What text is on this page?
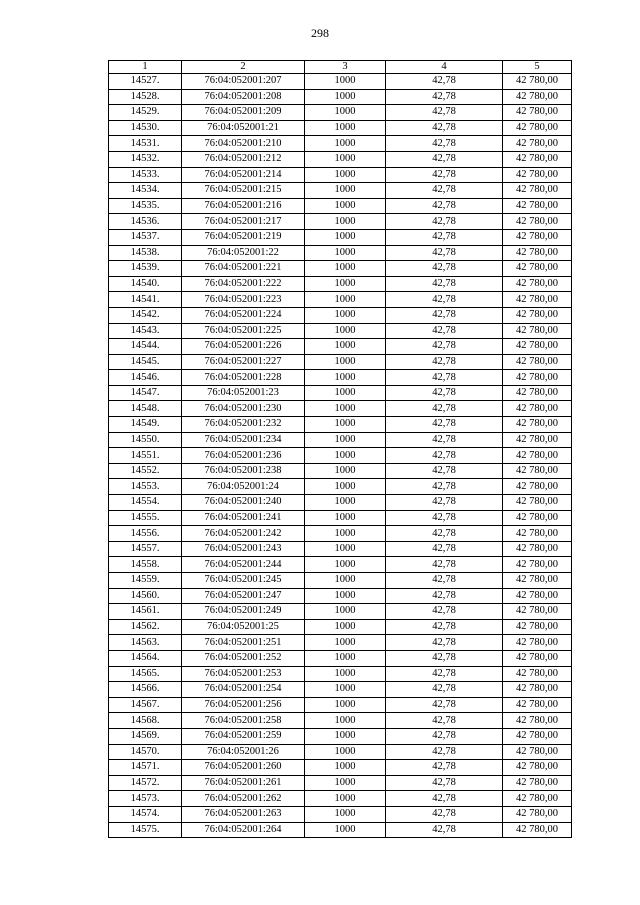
298
1	2	3	4	5
14527.	76:04:052001:207	1000	42,78	42 780,00
14528.	76:04:052001:208	1000	42,78	42 780,00
14529.	76:04:052001:209	1000	42,78	42 780,00
14530.	76:04:052001:21	1000	42,78	42 780,00
14531.	76:04:052001:210	1000	42,78	42 780,00
14532.	76:04:052001:212	1000	42,78	42 780,00
14533.	76:04:052001:214	1000	42,78	42 780,00
14534.	76:04:052001:215	1000	42,78	42 780,00
14535.	76:04:052001:216	1000	42,78	42 780,00
14536.	76:04:052001:217	1000	42,78	42 780,00
14537.	76:04:052001:219	1000	42,78	42 780,00
14538.	76:04:052001:22	1000	42,78	42 780,00
14539.	76:04:052001:221	1000	42,78	42 780,00
14540.	76:04:052001:222	1000	42,78	42 780,00
14541.	76:04:052001:223	1000	42,78	42 780,00
14542.	76:04:052001:224	1000	42,78	42 780,00
14543.	76:04:052001:225	1000	42,78	42 780,00
14544.	76:04:052001:226	1000	42,78	42 780,00
14545.	76:04:052001:227	1000	42,78	42 780,00
14546.	76:04:052001:228	1000	42,78	42 780,00
14547.	76:04:052001:23	1000	42,78	42 780,00
14548.	76:04:052001:230	1000	42,78	42 780,00
14549.	76:04:052001:232	1000	42,78	42 780,00
14550.	76:04:052001:234	1000	42,78	42 780,00
14551.	76:04:052001:236	1000	42,78	42 780,00
14552.	76:04:052001:238	1000	42,78	42 780,00
14553.	76:04:052001:24	1000	42,78	42 780,00
14554.	76:04:052001:240	1000	42,78	42 780,00
14555.	76:04:052001:241	1000	42,78	42 780,00
14556.	76:04:052001:242	1000	42,78	42 780,00
14557.	76:04:052001:243	1000	42,78	42 780,00
14558.	76:04:052001:244	1000	42,78	42 780,00
14559.	76:04:052001:245	1000	42,78	42 780,00
14560.	76:04:052001:247	1000	42,78	42 780,00
14561.	76:04:052001:249	1000	42,78	42 780,00
14562.	76:04:052001:25	1000	42,78	42 780,00
14563.	76:04:052001:251	1000	42,78	42 780,00
14564.	76:04:052001:252	1000	42,78	42 780,00
14565.	76:04:052001:253	1000	42,78	42 780,00
14566.	76:04:052001:254	1000	42,78	42 780,00
14567.	76:04:052001:256	1000	42,78	42 780,00
14568.	76:04:052001:258	1000	42,78	42 780,00
14569.	76:04:052001:259	1000	42,78	42 780,00
14570.	76:04:052001:26	1000	42,78	42 780,00
14571.	76:04:052001:260	1000	42,78	42 780,00
14572.	76:04:052001:261	1000	42,78	42 780,00
14573.	76:04:052001:262	1000	42,78	42 780,00
14574.	76:04:052001:263	1000	42,78	42 780,00
14575.	76:04:052001:264	1000	42,78	42 780,00
